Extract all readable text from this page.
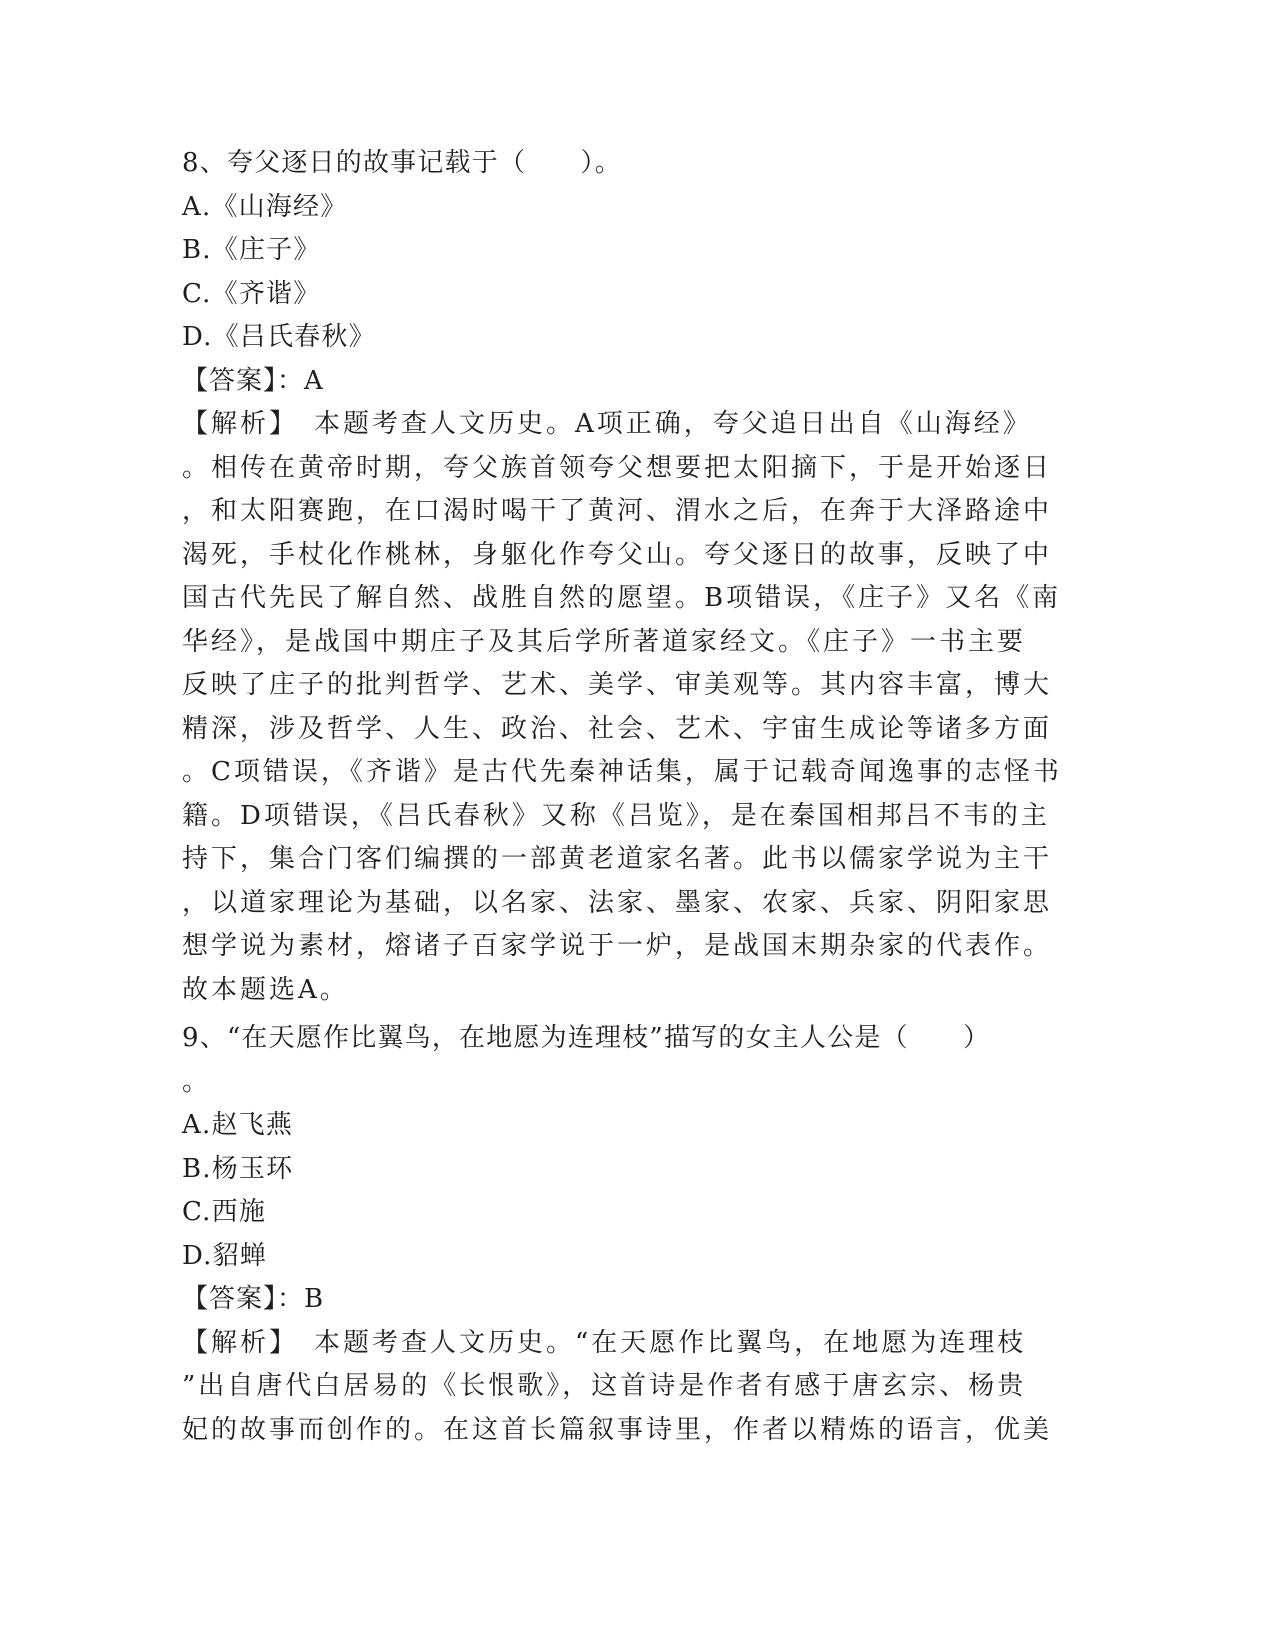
8、夸父逐日的故事记载于（　　）。
A.《山海经》
B.《庄子》
C.《齐谐》
D.《吕氏春秋》
【答案】：A
【解析】　本题考查人文历史。A项正确，夸父追日出自《山海经》
。相传在黄帝时期，夸父族首领夸父想要把太阳摘下，于是开始逐日
，和太阳赛跑，在口渴时喝干了黄河、渭水之后，在奔于大泽路途中
渴死，手杖化作桃林，身躯化作夸父山。夸父逐日的故事，反映了中
国古代先民了解自然、战胜自然的愿望。B项错误，《庄子》又名《南
华经》，是战国中期庄子及其后学所著道家经文。《庄子》一书主要
反映了庄子的批判哲学、艺术、美学、审美观等。其内容丰富，博大
精深，涉及哲学、人生、政治、社会、艺术、宇宙生成论等诸多方面
。C项错误，《齐谐》是古代先秦神话集，属于记载奇闻逸事的志怪书
籍。D项错误，《吕氏春秋》又称《吕览》，是在秦国相邦吕不韦的主
持下，集合门客们编撰的一部黄老道家名著。此书以儒家学说为主干
，以道家理论为基础，以名家、法家、墨家、农家、兵家、阴阳家思
想学说为素材，熔诸子百家学说于一炉，是战国末期杂家的代表作。
故本题选A。
9、“在天愿作比翼鸟，在地愿为连理枝”描写的女主人公是（　　）
。
A.赵飞燕
B.杨玉环
C.西施
D.貂蝉
【答案】：B
【解析】　本题考查人文历史。“在天愿作比翼鸟，在地愿为连理枝
”出自唐代白居易的《长恨歌》，这首诗是作者有感于唐玄宗、杨贵
妃的故事而创作的。在这首长篇叙事诗里，作者以精炼的语言，优美
